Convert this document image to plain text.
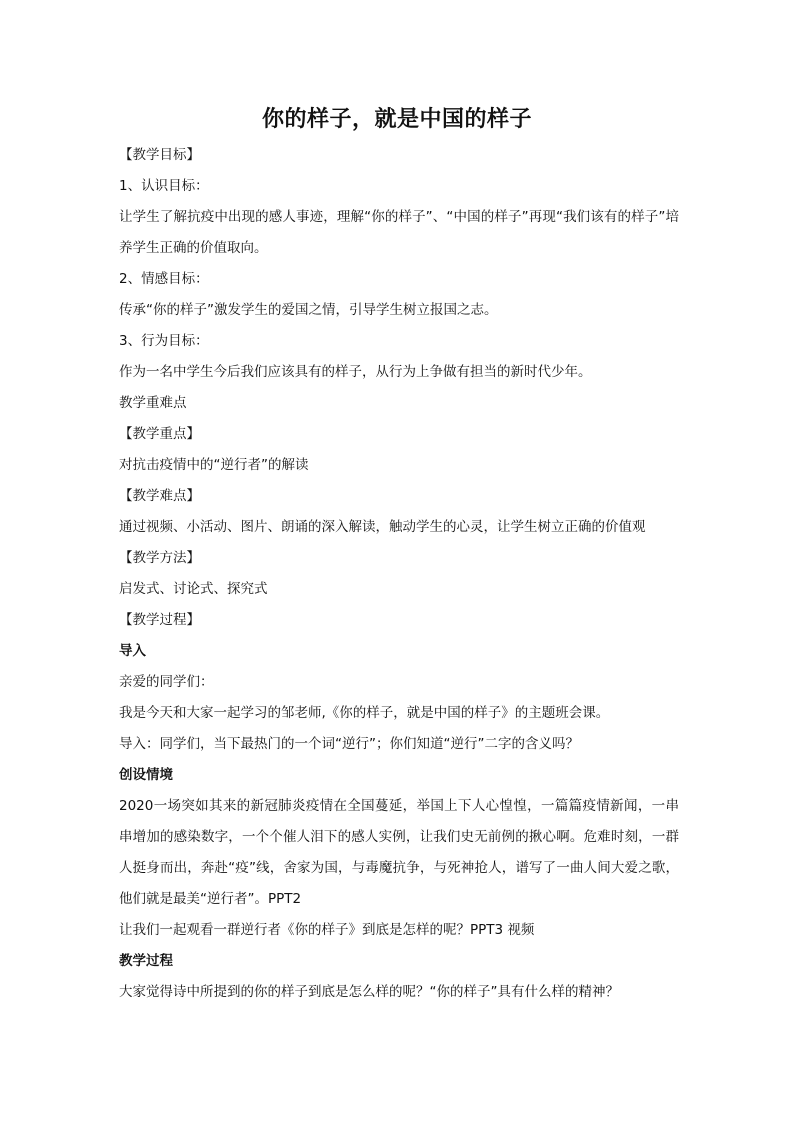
你的样子，就是中国的样子
【教学目标】
1、认识目标：
让学生了解抗疫中出现的感人事迹，理解“你的样子”、“中国的样子”再现“我们该有的样子”培养学生正确的价值取向。
2、情感目标：
传承“你的样子”激发学生的爱国之情，引导学生树立报国之志。
3、行为目标：
作为一名中学生今后我们应该具有的样子，从行为上争做有担当的新时代少年。
教学重难点
【教学重点】
对抗击疫情中的“逆行者”的解读
【教学难点】
通过视频、小活动、图片、朗诵的深入解读，触动学生的心灵，让学生树立正确的价值观
【教学方法】
启发式、讨论式、探究式
【教学过程】
导入
亲爱的同学们：
我是今天和大家一起学习的邹老师,《你的样子，就是中国的样子》的主题班会课。
导入：同学们，当下最热门的一个词“逆行”；你们知道“逆行”二字的含义吗？
创设情境
2020一场突如其来的新冠肺炎疫情在全国蔓延，举国上下人心惶惶，一篇篇疫情新闻，一串串增加的感染数字，一个个催人泪下的感人实例，让我们史无前例的揪心啊。危难时刻，一群人挺身而出，奔赴“疫”线，舍家为国，与毒魔抗争，与死神抢人，谱写了一曲人间大爱之歌，他们就是最美“逆行者”。PPT2
让我们一起观看一群逆行者《你的样子》到底是怎样的呢？PPT3 视频
教学过程
大家觉得诗中所提到的你的样子到底是怎么样的呢？“你的样子”具有什么样的精神？
